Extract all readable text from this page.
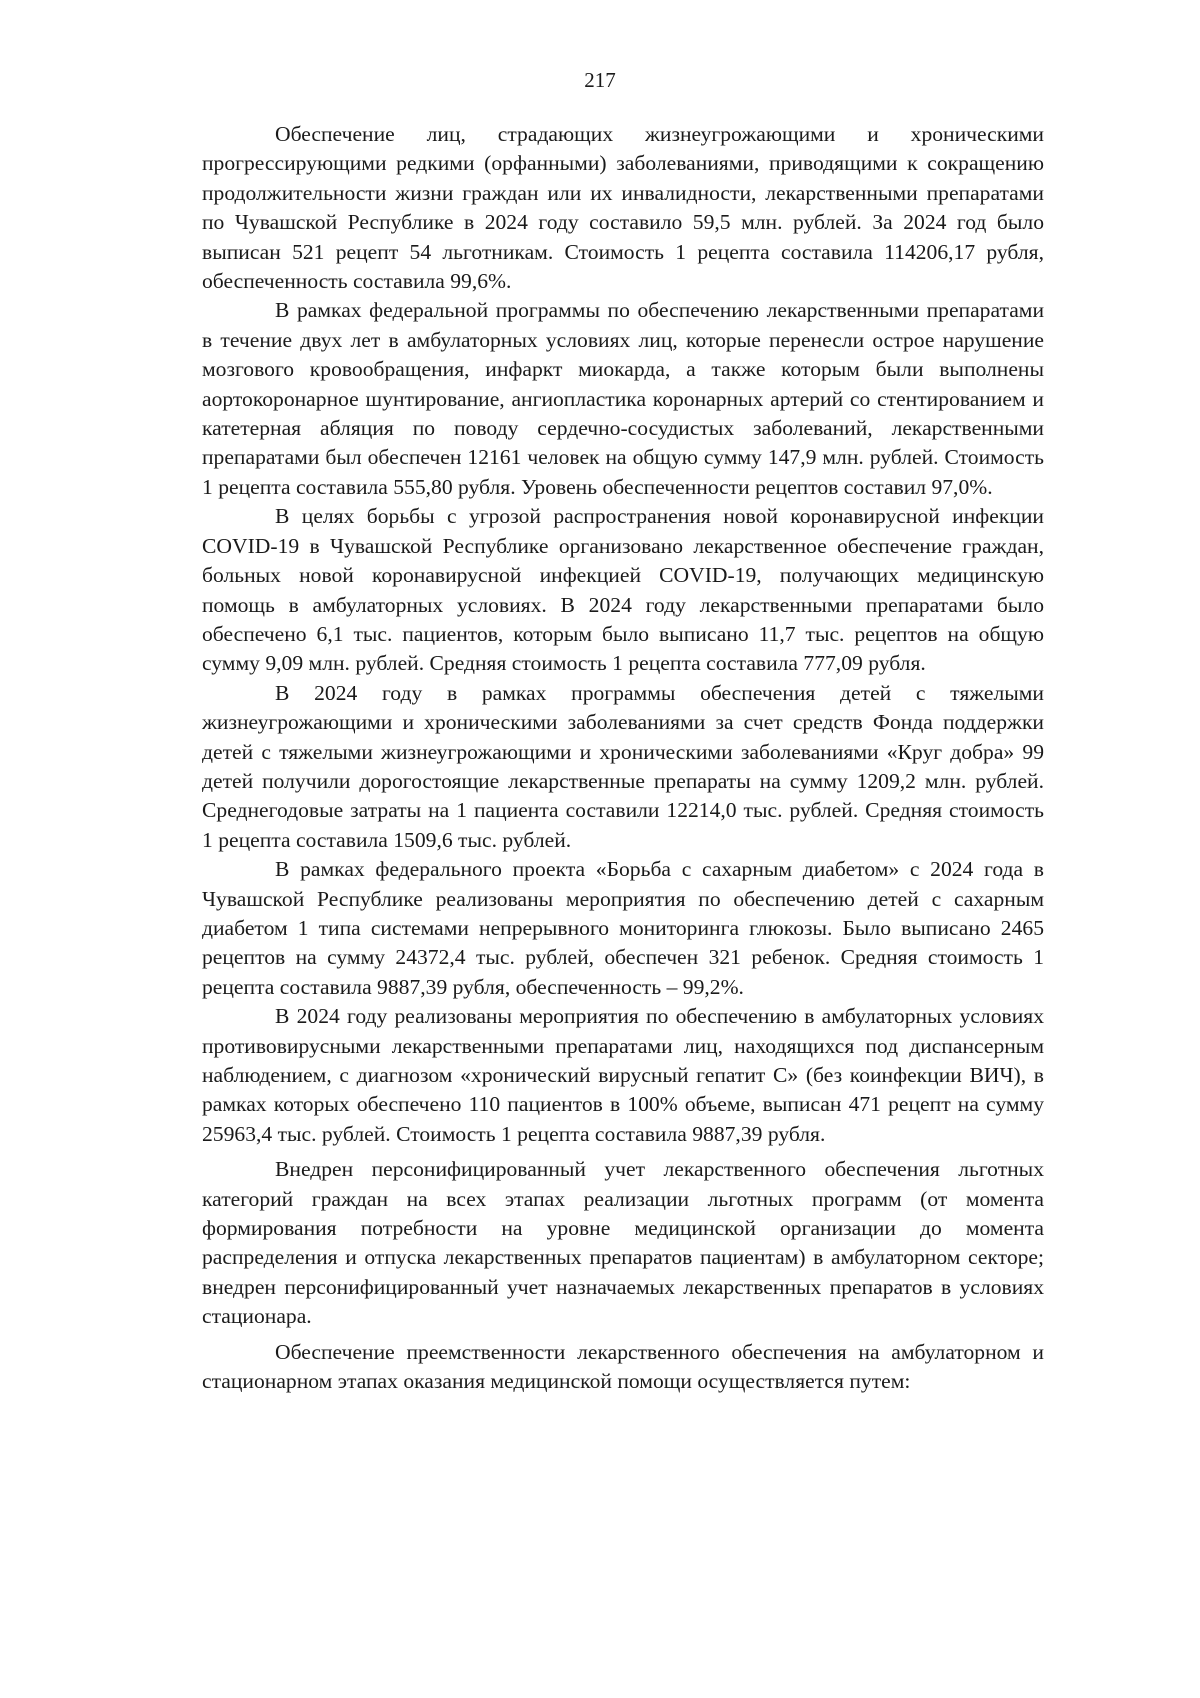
217

Обеспечение лиц, страдающих жизнеугрожающими и хроническими прогрессирующими редкими (орфанными) заболеваниями, приводящими к сокращению продолжительности жизни граждан или их инвалидности, лекарственными препаратами по Чувашской Республике в 2024 году составило 59,5 млн. рублей. За 2024 год было выписан 521 рецепт 54 льготникам. Стоимость 1 рецепта составила 114206,17 рубля, обеспеченность составила 99,6%.

В рамках федеральной программы по обеспечению лекарственными препаратами в течение двух лет в амбулаторных условиях лиц, которые перенесли острое нарушение мозгового кровообращения, инфаркт миокарда, а также которым были выполнены аортокоронарное шунтирование, ангиопластика коронарных артерий со стентированием и катетерная абляция по поводу сердечно-сосудистых заболеваний, лекарственными препаратами был обеспечен 12161 человек на общую сумму 147,9 млн. рублей. Стоимость 1 рецепта составила 555,80 рубля. Уровень обеспеченности рецептов составил 97,0%.

В целях борьбы с угрозой распространения новой коронавирусной инфекции COVID-19 в Чувашской Республике организовано лекарственное обеспечение граждан, больных новой коронавирусной инфекцией COVID-19, получающих медицинскую помощь в амбулаторных условиях. В 2024 году лекарственными препаратами было обеспечено 6,1 тыс. пациентов, которым было выписано 11,7 тыс. рецептов на общую сумму 9,09 млн. рублей. Средняя стоимость 1 рецепта составила 777,09 рубля.

В 2024 году в рамках программы обеспечения детей с тяжелыми жизнеугрожающими и хроническими заболеваниями за счет средств Фонда поддержки детей с тяжелыми жизнеугрожающими и хроническими заболеваниями «Круг добра» 99 детей получили дорогостоящие лекарственные препараты на сумму 1209,2 млн. рублей. Среднегодовые затраты на 1 пациента составили 12214,0 тыс. рублей. Средняя стоимость 1 рецепта составила 1509,6 тыс. рублей.

В рамках федерального проекта «Борьба с сахарным диабетом» с 2024 года в Чувашской Республике реализованы мероприятия по обеспечению детей с сахарным диабетом 1 типа системами непрерывного мониторинга глюкозы. Было выписано 2465 рецептов на сумму 24372,4 тыс. рублей, обеспечен 321 ребенок. Средняя стоимость 1 рецепта составила 9887,39 рубля, обеспеченность – 99,2%.

В 2024 году реализованы мероприятия по обеспечению в амбулаторных условиях противовирусными лекарственными препаратами лиц, находящихся под диспансерным наблюдением, с диагнозом «хронический вирусный гепатит С» (без коинфекции ВИЧ), в рамках которых обеспечено 110 пациентов в 100% объеме, выписан 471 рецепт на сумму 25963,4 тыс. рублей. Стоимость 1 рецепта составила 9887,39 рубля.

Внедрен персонифицированный учет лекарственного обеспечения льготных категорий граждан на всех этапах реализации льготных программ (от момента формирования потребности на уровне медицинской организации до момента распределения и отпуска лекарственных препаратов пациентам) в амбулаторном секторе; внедрен персонифицированный учет назначаемых лекарственных препаратов в условиях стационара.

Обеспечение преемственности лекарственного обеспечения на амбулаторном и стационарном этапах оказания медицинской помощи осуществляется путем:
